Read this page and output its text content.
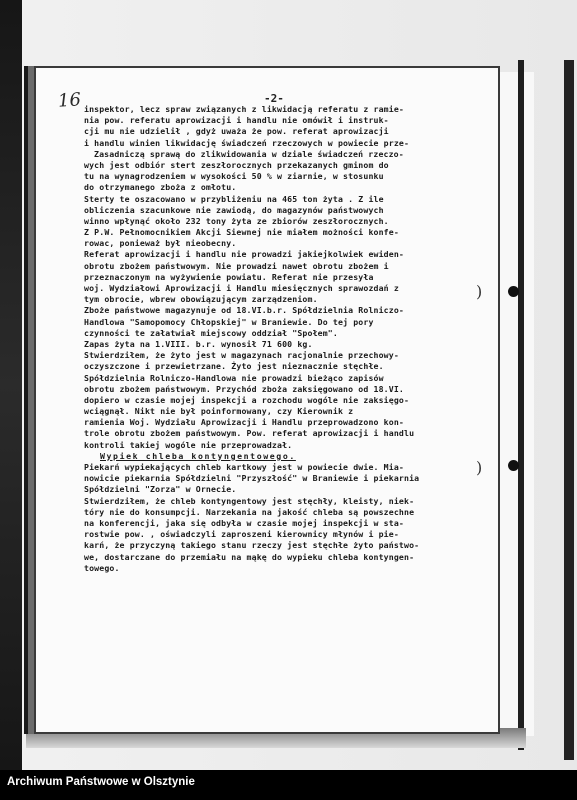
16	-2-
inspektor, lecz spraw związanych z likwidacją referatu z ramie-
nia pow. referatu aprowizacji i handlu nie omówił i instruk-
cji mu nie udzielił , gdyż uważa że pow. referat aprowizacji
i handlu winien likwidację świadczeń rzeczowych w powiecie prze-
Zasadniczą sprawą do zlikwidowania w dziale świadczeń rzeczo-
wych jest odbiór stert zeszłorocznych przekazanych gminom do
tu na wynagrodzeniem w wysokości 50 % w ziarnie, w stosunku
do otrzymanego zboża z omłotu.
Sterty te oszacowano w przybliżeniu na 465 ton żyta . Z ile
obliczenia szacunkowe nie zawiodą, do magazynów państwowych
winno wpłynąć około 232 tony żyta ze zbiorów zeszłorocznych.
Z P.W. Pełnomocnikiem Akcji Siewnej nie miałem możności konfe-
rowac, ponieważ był nieobecny.
Referat aprowizacji i handlu nie prowadzi jakiejkolwiek ewiden-
obrotu zbożem państwowym. Nie prowadzi nawet obrotu zbożem i
przeznaczonym na wyżywienie powiatu. Referat nie przesyła
woj. Wydziałowi Aprowizacji i Handlu miesięcznych sprawozdań z
tym obrocie, wbrew obowiązującym zarządzeniom.
Zboże państwowe magazynuje od 18.VI.b.r. Spółdzielnia Rolniczo-
Handlowa "Samopomocy Chłopskiej" w Braniewie. Do tej pory
czynności te załatwiał miejscowy oddział "Społem".
Zapas żyta na 1.VIII. b.r. wynosił 71 600 kg.
Stwierdziłem, że żyto jest w magazynach racjonalnie przechowy-
oczyszczone i przewietrzane. Żyto jest nieznacznie stęchłe.
Spółdzielnia Rolniczo-Handlowa nie prowadzi bieżąco zapisów
obrotu zbożem państwowym. Przychód zboża zaksięgowano od 18.VI.
dopiero w czasie mojej inspekcji a rozchodu wogóle nie zaksięgo-
wciągnął. Nikt nie był poinformowany, czy Kierownik z
ramienia Woj. Wydziału Aprowizacji i Handlu przeprowadzono kon-
trole obrotu zbożem państwowym. Pow. referat aprowizacji i handlu
kontroli takiej wogóle nie przeprowadzał.
Wypiek chleba kontyngentowego.
Piekarń wypiekających chleb kartkowy jest w powiecie dwie. Mia-
nowicie piekarnia Spółdzielni "Przyszłość" w Braniewie i piekarnia
Spółdzielni "Zorza" w Ornecie.
Stwierdziłem, że chleb kontyngentowy jest stęchły, kleisty, niek-
tóry nie do konsumpcji. Narzekania na jakość chleba są powszechne
na konferencji, jaka się odbyła w czasie mojej inspekcji w sta-
rostwie pow. , oświadczyli zaproszeni kierownicy młynów i pie-
karń, że przyczyną takiego stanu rzeczy jest stęchłe żyto państwo-
we, dostarczane do przemiału na mąkę do wypieku chleba kontyngen-
towego.
)
)
Archiwum Państwowe w Olsztynie
